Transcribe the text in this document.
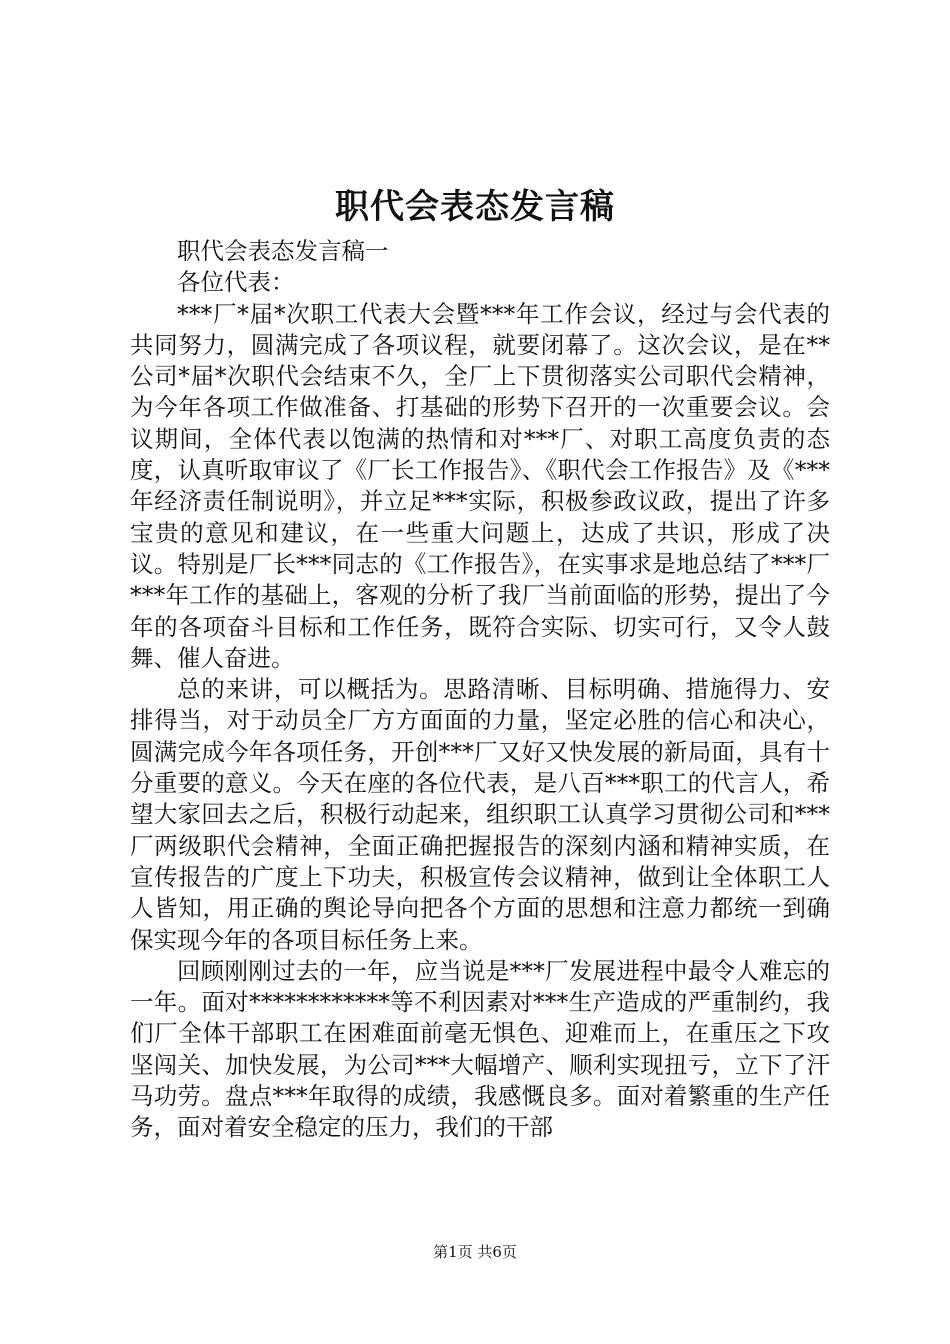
职代会表态发言稿

职代会表态发言稿一

各位代表：

***厂*届*次职工代表大会暨***年工作会议，经过与会代表的共同努力，圆满完成了各项议程，就要闭幕了。这次会议，是在**公司*届*次职代会结束不久，全厂上下贯彻落实公司职代会精神，为今年各项工作做准备、打基础的形势下召开的一次重要会议。会议期间，全体代表以饱满的热情和对***厂、对职工高度负责的态度，认真听取审议了《厂长工作报告》、《职代会工作报告》及《***年经济责任制说明》，并立足***实际，积极参政议政，提出了许多宝贵的意见和建议，在一些重大问题上，达成了共识，形成了决议。特别是厂长***同志的《工作报告》，在实事求是地总结了***厂***年工作的基础上，客观的分析了我厂当前面临的形势，提出了今年的各项奋斗目标和工作任务，既符合实际、切实可行，又令人鼓舞、催人奋进。

总的来讲，可以概括为。思路清晰、目标明确、措施得力、安排得当，对于动员全厂方方面面的力量，坚定必胜的信心和决心，圆满完成今年各项任务，开创***厂又好又快发展的新局面，具有十分重要的意义。今天在座的各位代表，是八百***职工的代言人，希望大家回去之后，积极行动起来，组织职工认真学习贯彻公司和***厂两级职代会精神，全面正确把握报告的深刻内涵和精神实质，在宣传报告的广度上下功夫，积极宣传会议精神，做到让全体职工人人皆知，用正确的舆论导向把各个方面的思想和注意力都统一到确保实现今年的各项目标任务上来。

回顾刚刚过去的一年，应当说是***厂发展进程中最令人难忘的一年。面对************等不利因素对***生产造成的严重制约，我们厂全体干部职工在困难面前毫无惧色、迎难而上，在重压之下攻坚闯关、加快发展，为公司***大幅增产、顺利实现扭亏，立下了汗马功劳。盘点***年取得的成绩，我感慨良多。面对着繁重的生产任务，面对着安全稳定的压力，我们的干部

第1页 共6页
